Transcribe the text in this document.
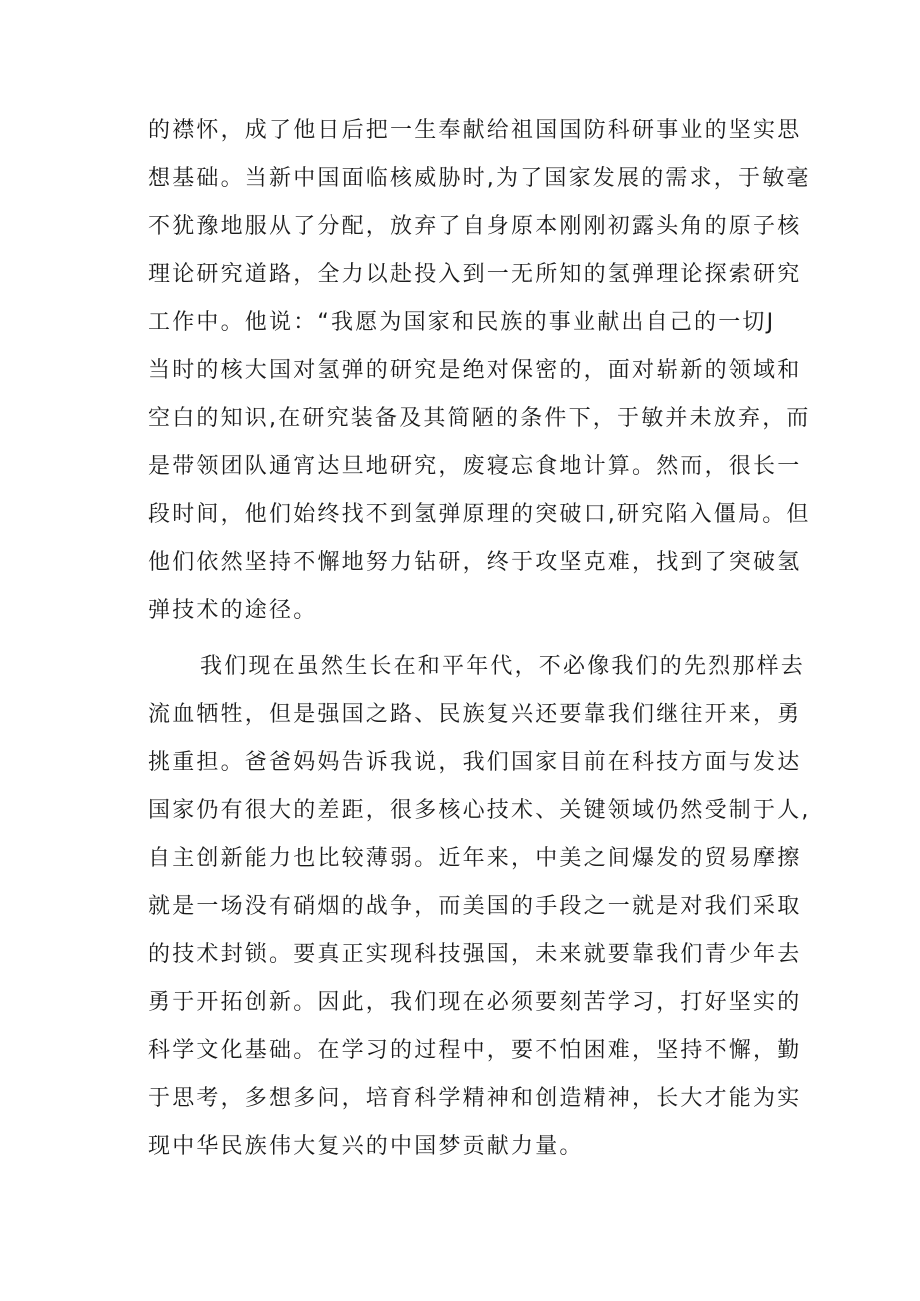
的襟怀，成了他日后把一生奉献给祖国国防科研事业的坚实思
想基础。当新中国面临核威胁时,为了国家发展的需求，于敏毫
不犹豫地服从了分配，放弃了自身原本刚刚初露头角的原子核
理论研究道路，全力以赴投入到一无所知的氢弹理论探索研究
工作中。他说：“我愿为国家和民族的事业献出自己的一切J
当时的核大国对氢弹的研究是绝对保密的，面对崭新的领域和
空白的知识,在研究装备及其简陋的条件下，于敏并未放弃，而
是带领团队通宵达旦地研究，废寝忘食地计算。然而，很长一
段时间，他们始终找不到氢弹原理的突破口,研究陷入僵局。但
他们依然坚持不懈地努力钻研，终于攻坚克难，找到了突破氢
弹技术的途径。
我们现在虽然生长在和平年代，不必像我们的先烈那样去
流血牺牲，但是强国之路、民族复兴还要靠我们继往开来，勇
挑重担。爸爸妈妈告诉我说，我们国家目前在科技方面与发达
国家仍有很大的差距，很多核心技术、关键领域仍然受制于人,
自主创新能力也比较薄弱。近年来，中美之间爆发的贸易摩擦
就是一场没有硝烟的战争，而美国的手段之一就是对我们采取
的技术封锁。要真正实现科技强国，未来就要靠我们青少年去
勇于开拓创新。因此，我们现在必须要刻苦学习，打好坚实的
科学文化基础。在学习的过程中，要不怕困难，坚持不懈，勤
于思考，多想多问，培育科学精神和创造精神，长大才能为实
现中华民族伟大复兴的中国梦贡献力量。
